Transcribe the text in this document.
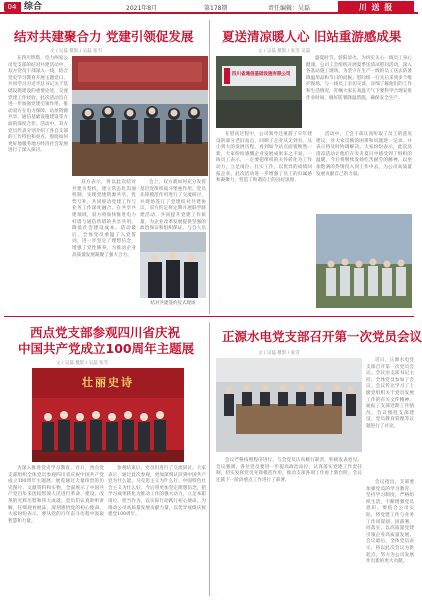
04 综合	2021年8月	第178期	责任编辑：吴磊	川 送 报
结对共建聚合力 党建引领促发展
文 / 吴磊 摄影 / 吴磊 张雪

在四川铁塔、电力两家公司党支部的结对共建活动中，双方党员干部深入一线，结合党史学习教育开展主题党日，共同学习习近平总书记关于基础设施建设的重要论述，交流党建工作经验。此次活动旨在进一步加强党建引领作用，推动双方在电力保障、站址资源共享、通信基础设施建设等方面的深度合作。活动中，双方党员代表分别介绍了各自支部的工作特色和亮点，围绕如何更好地服务地方经济社会发展进行了深入探讨。

双方表示，将以此次结对共建为契机，建立常态化沟通机制，实现党建资源共享、优势互补，共同推动党建工作与业务工作深度融合。在共享共建领域，双方将加快推进电力杆塔与通信铁塔的共享共用，降低社会建设成本。活动最后，全体党员重温了入党誓词，进一步坚定了理想信念，增强了党性修养，为推动企业高质量发展凝聚了强大合力。

会上，双方就如何充分发挥基层党组织战斗堡垒作用、党员先锋模范作用进行了交流研讨，并现场签订了党建结对共建协议。双方约定将定期开展联学联建活动，共同提升党建工作质量，为企业改革发展提供坚强的政治保证和组织保证。与会人员

结对共建签约仪式现场
夏送清凉暖人心 旧站重游感成果
文 / 吴磊 摄影 / 张雪 吴磊
四川省通信基础设施有限公司

盛夏时节，骄阳似火。为切实关心一线员工身心健康，公司工会组织开展夏季送清凉慰问活动，深入各基站施工现场，为坚守在生产一线的员工送去防暑降温用品和节日的问候。慰问组一行先后来到多个维护现场，与一线员工亲切交谈，详细了解他们的工作和生活情况，叮嘱大家在高温天气下要科学合理安排作业时间，做好防暑降温措施，确保安全生产。

在慰问过程中，公司领导还重游了早年建设的部分老旧站点，回顾了企业从无到有、从小到大的发展历程。看到如今站点面貌焕然一新，大家纷纷感慨企业发展成果来之不易。一线员工表示，一定要把组织的关怀转化为工作动力，立足岗位、扎实工作，以优异的成绩回报企业。此次活动进一步增强了员工的归属感和凝聚力，营造了和谐向上的良好氛围。

活动中，工会干部认真听取了员工的意见建议，对大家反映的困难和问题逐一记录，并表示将及时协调解决。大家纷纷表示，此次送清凉活动让他们在炎炎夏日中感受到了组织的温暖，今后将继续发扬吃苦耐劳的精神，以更加饱满的热情投入到工作中去，为公司高质量发展贡献自己的力量。

西点党支部参观四川省庆祝
中国共产党成立100周年主题展
文 / 吴磊 摄影 / 吴磊 张雪
壮丽史诗

为深入推进党史学习教育，近日，西点党支部组织全体党员参观四川省庆祝中国共产党成立100周年主题展。展览通过大量珍贵的历史图片、文献资料和实物，全面展示了中国共产党百年来团结带领人民进行革命、建设、改革的光辉历程和伟大成就。党员们认真聆听讲解，仔细观看展品，深刻感悟党的初心使命。大家纷纷表示，要从党的百年奋斗历程中汲取智慧和力量。

参观结束后，党员们进行了交流研讨。大家表示，通过此次参观，更加深刻认识到中国共产党为什么能、马克思主义为什么行、中国特色社会主义为什么好。今后将更加坚定理想信念，把学习成果转化为推动工作的强大动力，立足本职岗位，担当作为，以实际行动践行初心使命，为推动公司高质量发展贡献力量，以优异成绩庆祝建党100周年。

正源水电党支部召开第一次党员会议
文 / 吴磊 摄影 / 张雪

近日，正源水电党支部召开第一次党员会议。会议由支部书记主持，全体党员参加了会议。会议传达学习了上级党组织关于党员发展工作的有关文件精神，通报了支部近期工作情况。会议围绕支部建设、党员教育管理等议题进行了讨论。

会议严格按照程序进行，与会党员认真履行职责，积极发表意见。会议强调，各位党员要进一步提高政治站位，认真落实党建工作责任制，切实发挥党员先锋模范作用，推动支部各项工作再上新台阶。会议还就下一阶段重点工作进行了部署。	会议指出，支部要加强党员的学习教育，坚持学习制度，严格组织生活，不断增强党员意识。要结合公司实际，将党建工作与业务工作同谋划、同部署、同落实，以高质量党建引领企业高质量发展。会议最后，全体党员表示，将以此次会议为新起点，努力为公司发展作出新的更大贡献。
